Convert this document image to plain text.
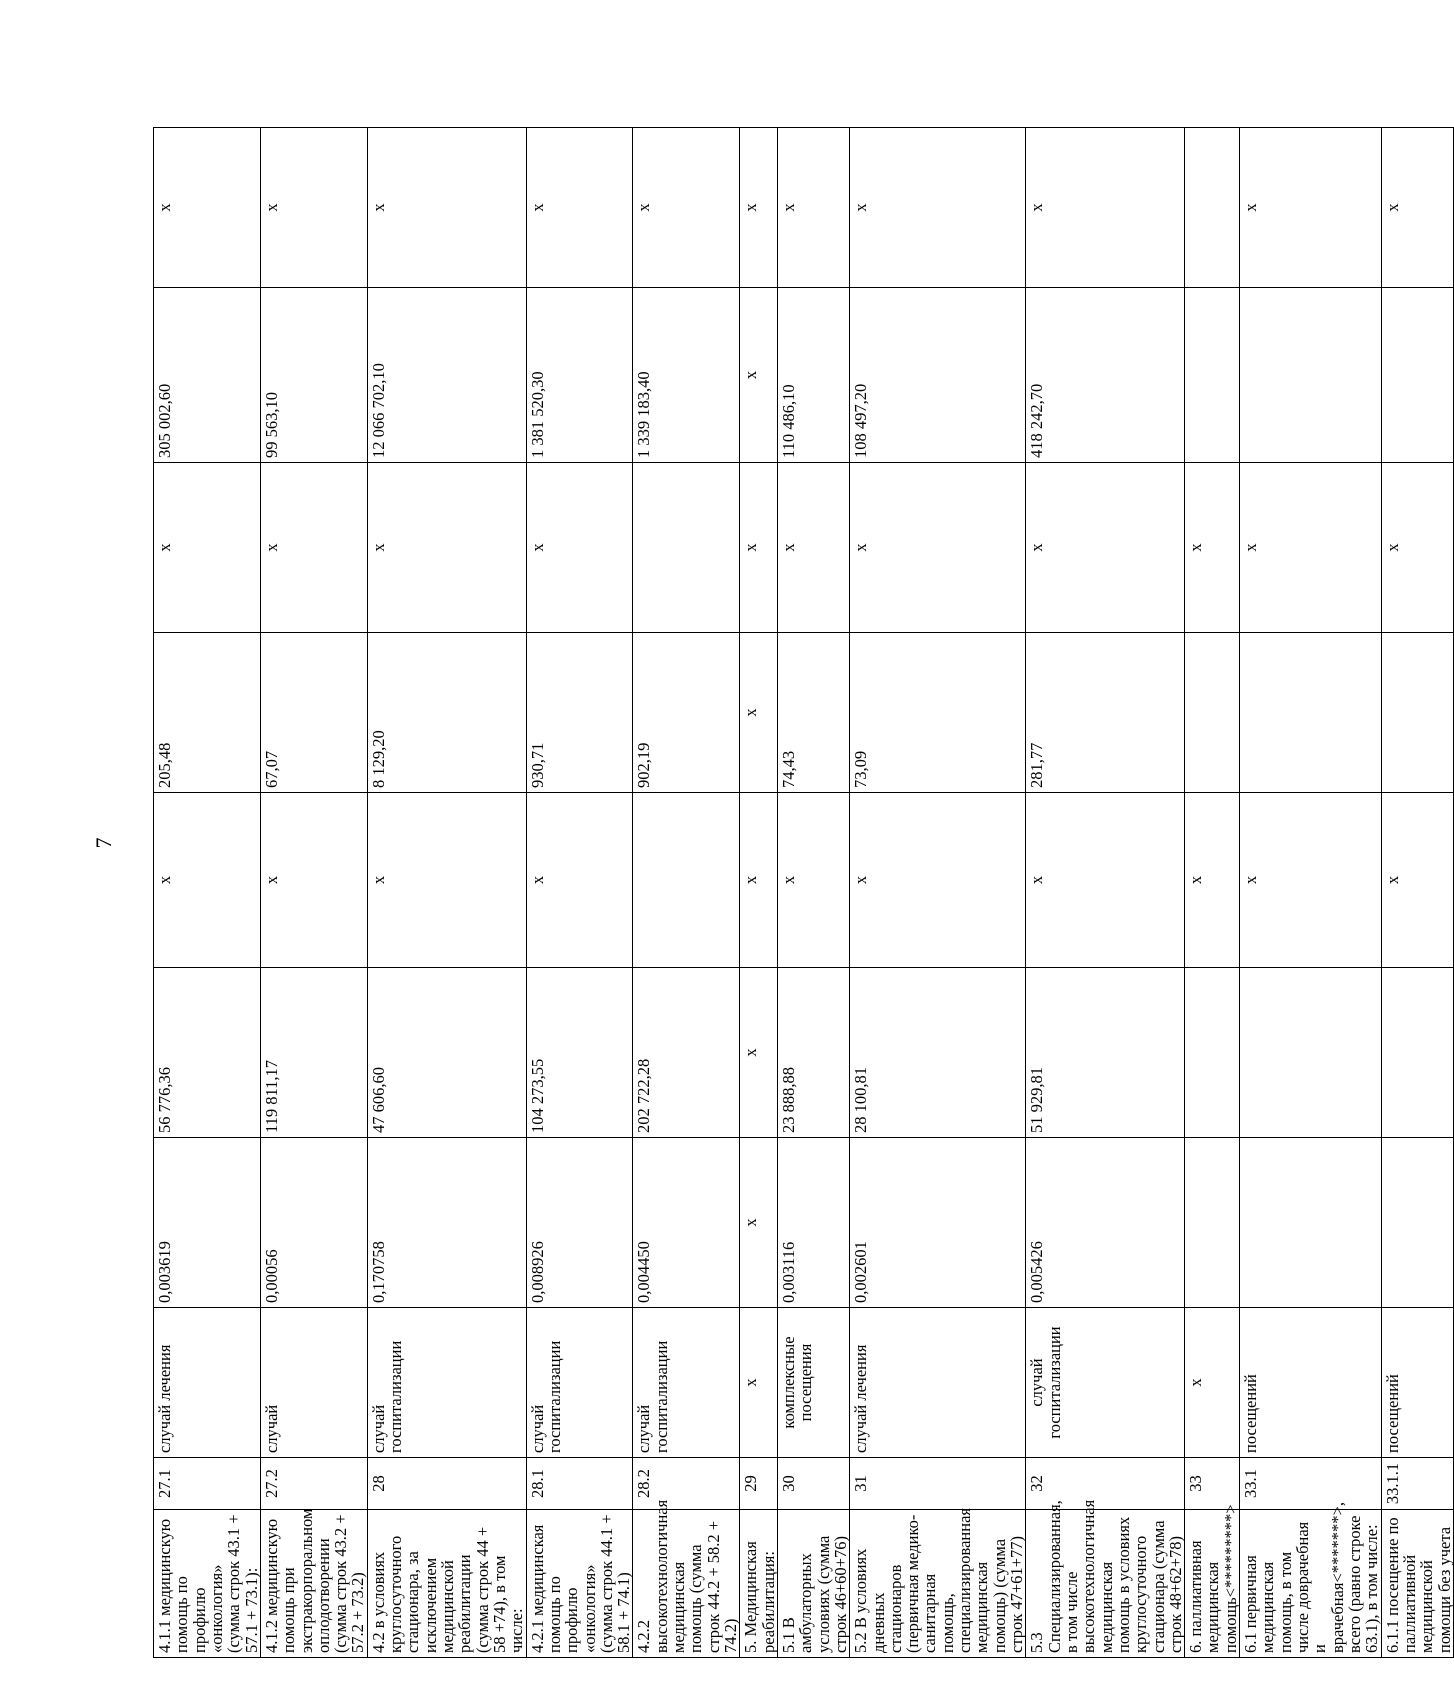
7
4.1.1 медицинскую помощь по профилю «онкология» (сумма строк 43.1 + 57.1 + 73.1):	27.1	случай лечения	0,003619	56 776,36	х	205,48	х	305 002,60	х
4.1.2 медицинскую помощь при экстракорпоральном оплодотворении (сумма строк 43.2 + 57.2 + 73.2)	27.2	случай	0,00056	119 811,17	х	67,07	х	99 563,10	х
4.2 в условиях круглосуточного стационара, за исключением медицинской реабилитации (сумма строк 44 + 58 +74), в том числе:	28	случай госпитализации	0,170758	47 606,60	х	8 129,20	х	12 066 702,10	х
4.2.1 медицинская помощь по профилю «онкология» (сумма строк 44.1 + 58.1 + 74.1)	28.1	случай госпитализации	0,008926	104 273,55	х	930,71	х	1 381 520,30	х
4.2.2 высокотехнологичная медицинская помощь (сумма строк 44.2 + 58.2 + 74.2)	28.2	случай госпитализации	0,004450	202 722,28		902,19		1 339 183,40	х
5. Медицинская реабилитация:	29	х	х	х	х	х	х	х	х
5.1 В амбулаторных условиях (сумма строк 46+60+76)	30	комплексные посещения	0,003116	23 888,88	х	74,43	х	110 486,10	х
5.2 В условиях дневных стационаров (первичная медико-санитарная помощь, специализированная медицинская помощь) (сумма строк 47+61+77)	31	случай лечения	0,002601	28 100,81	х	73,09	х	108 497,20	х
5.3 Специализированная, в том числе высокотехнологичная медицинская помощь в условиях круглосуточного стационара (сумма строк 48+62+78)	32	случай госпитализации	0,005426	51 929,81	х	281,77	х	418 242,70	х
6. паллиативная медицинская помощь<*********>	33	х			х		х		
6.1 первичная медицинская помощь, в том числе доврачебная и врачебная<*******>, всего (равно строке 63.1), в том числе:	33.1	посещений			х		х		х
6.1.1 посещение по паллиативной медицинской помощи без учета	33.1.1	посещений			х		х		х
